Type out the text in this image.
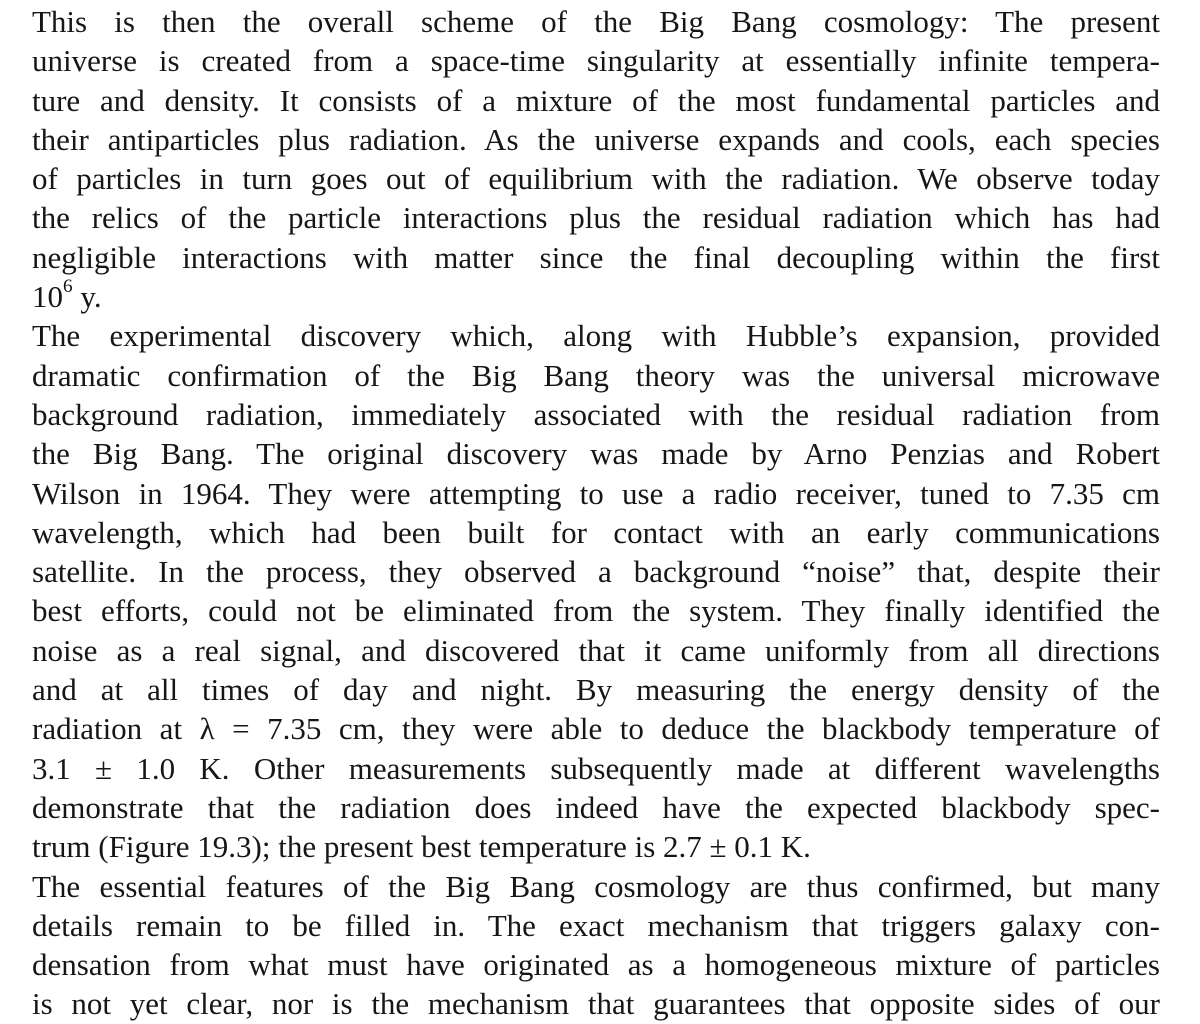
This is then the overall scheme of the Big Bang cosmology: The present
universe is created from a space-time singularity at essentially infinite tempera-
ture and density. It consists of a mixture of the most fundamental particles and
their antiparticles plus radiation. As the universe expands and cools, each species
of particles in turn goes out of equilibrium with the radiation. We observe today
the relics of the particle interactions plus the residual radiation which has had
negligible interactions with matter since the final decoupling within the first
$10^6$ y.
The experimental discovery which, along with Hubble’s expansion, provided
dramatic confirmation of the Big Bang theory was the universal microwave
background radiation, immediately associated with the residual radiation from
the Big Bang. The original discovery was made by Arno Penzias and Robert
Wilson in 1964. They were attempting to use a radio receiver, tuned to 7.35 cm
wavelength, which had been built for contact with an early communications
satellite. In the process, they observed a background “noise” that, despite their
best efforts, could not be eliminated from the system. They finally identified the
noise as a real signal, and discovered that it came uniformly from all directions
and at all times of day and night. By measuring the energy density of the
radiation at λ = 7.35 cm, they were able to deduce the blackbody temperature of
3.1 ± 1.0 K. Other measurements subsequently made at different wavelengths
demonstrate that the radiation does indeed have the expected blackbody spec-
trum (Figure 19.3); the present best temperature is 2.7 ± 0.1 K.
The essential features of the Big Bang cosmology are thus confirmed, but many
details remain to be filled in. The exact mechanism that triggers galaxy con-
densation from what must have originated as a homogeneous mixture of particles
is not yet clear, nor is the mechanism that guarantees that opposite sides of our
